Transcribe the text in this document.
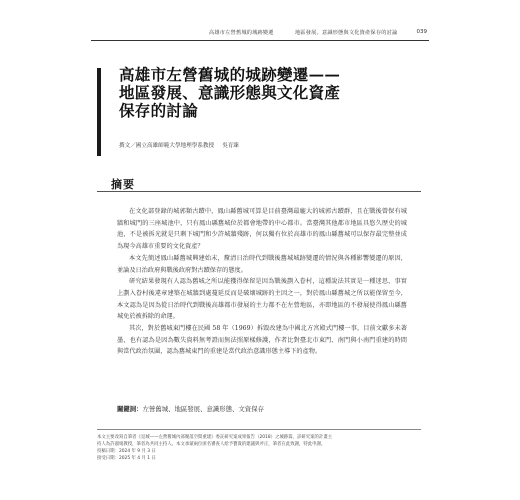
高雄市左營舊城的城跡變遷	地區發展、意識形態與文化資產保存的討論	039
高雄市左營舊城的城跡變遷——
地區發展、意識形態與文化資產
保存的討論
撰文／國立高雄師範大學地理學系教授 吳育臻
摘要

在文化部登錄的城郭類古蹟中，鳳山縣舊城可算是目前臺灣最龐大的城郭古蹟群，且在戰後曾保有城牆和城門的三座城池中，只有鳳山縣舊城位於都會地帶的中心都市。當臺灣其他都市地區具悠久歷史的城池，不是被拆光就是只剩下城門和少許城牆殘跡，何以獨有位於高雄市的鳳山縣舊城可以保存最完整並成為現今高雄市重要的文化資產？

本文先簡述鳳山縣舊城興建始末，釐清日治時代到戰後舊城城跡變遷的情況與各種影響變遷的原因，並論及日治政府與戰後政府對古蹟保存的態度。

研究結果發現有人認為舊城之所以能獲得保留是因為戰後劃入眷村，這種說法其實是一種迷思，事實上劃入眷村後違章建築在城牆到處蔓延反而是破壞城跡的主因之一，對於鳳山縣舊城之所以能保留至今，本文認為是因為從日治時代到戰後高雄都市發展的主力都不在左營地區，亦即地區的不發展使得鳳山縣舊城免於被拆除的命運。

其次，對於舊城東門樓在民國 58 年（1969）拆毀改建為中國北方宮殿式門樓一事，目前文獻多未著墨，也有認為是因為數失資料無考證而無法照原樣修護，作者比對臺北市東門、南門與小南門重建的時間與當代政治氛圍，認為舊城東門的重建是當代政治意識形態主導下的產物。

關鍵詞：左營舊城、地區發展、意識形態、文資保存
本文主要改寫自筆者《見城——左營舊城內部聚落空間重建》委託研究案成果報告（2018）之城跡篇，詳研究案的計畫主
持人為許淑娟教授，筆者為共同主持人。本文承蒙兩位匿名審查人給予寶貴的建議與斧正，筆者在此致謝，特此申謝。
投稿日期：2024 年 9 月 3 日
接受日期：2025 年 4 月 1 日
